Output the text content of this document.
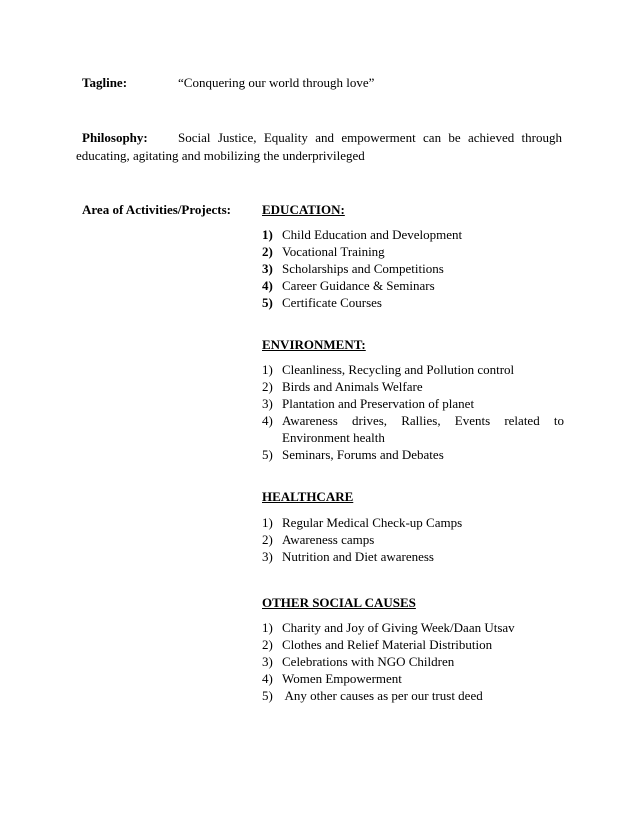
Tagline:	“Conquering our world through love”
Philosophy: Social Justice, Equality and empowerment can be achieved through
educating, agitating and mobilizing the underprivileged
Area of Activities/Projects: EDUCATION:
1) Child Education and Development
2) Vocational Training
3) Scholarships and Competitions
4) Career Guidance & Seminars
5) Certificate Courses
ENVIRONMENT:
1) Cleanliness, Recycling and Pollution control
2) Birds and Animals Welfare
3) Plantation and Preservation of planet
4) Awareness drives, Rallies, Events related to
Environment health
5) Seminars, Forums and Debates
HEALTHCARE
1) Regular Medical Check-up Camps
2) Awareness camps
3) Nutrition and Diet awareness
OTHER SOCIAL CAUSES
1) Charity and Joy of Giving Week/Daan Utsav
2) Clothes and Relief Material Distribution
3) Celebrations with NGO Children
4) Women Empowerment
5) Any other causes as per our trust deed
